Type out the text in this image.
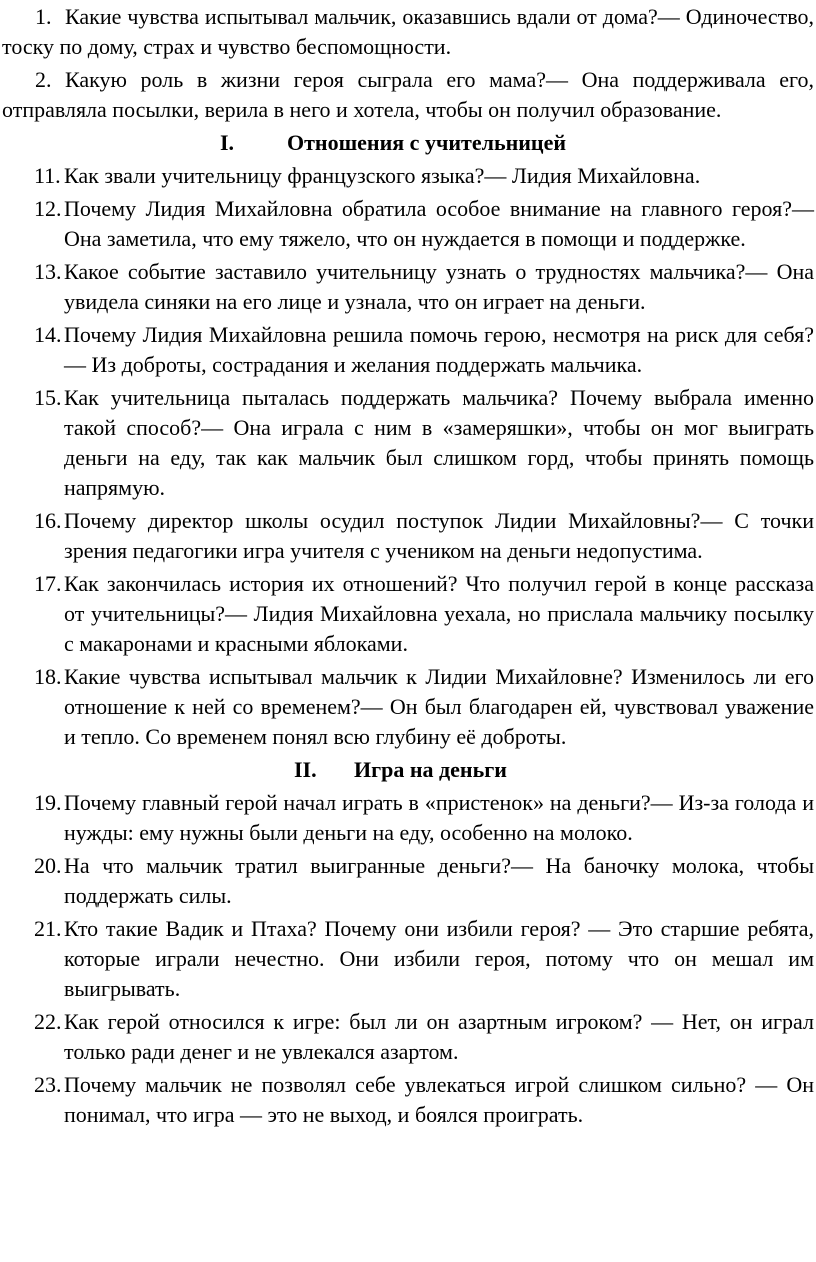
1. Какие чувства испытывал мальчик, оказавшись вдали от дома?— Одиночество, тоску по дому, страх и чувство беспомощности.
2. Какую роль в жизни героя сыграла его мама?— Она поддерживала его, отправляла посылки, верила в него и хотела, чтобы он получил образование.
I. Отношения с учительницей
11. Как звали учительницу французского языка?— Лидия Михайловна.
12. Почему Лидия Михайловна обратила особое внимание на главного героя?— Она заметила, что ему тяжело, что он нуждается в помощи и поддержке.
13. Какое событие заставило учительницу узнать о трудностях мальчика?— Она увидела синяки на его лице и узнала, что он играет на деньги.
14. Почему Лидия Михайловна решила помочь герою, несмотря на риск для себя?— Из доброты, сострадания и желания поддержать мальчика.
15. Как учительница пыталась поддержать мальчика? Почему выбрала именно такой способ?— Она играла с ним в «замеряшки», чтобы он мог выиграть деньги на еду, так как мальчик был слишком горд, чтобы принять помощь напрямую.
16. Почему директор школы осудил поступок Лидии Михайловны?— С точки зрения педагогики игра учителя с учеником на деньги недопустима.
17. Как закончилась история их отношений? Что получил герой в конце рассказа от учительницы?— Лидия Михайловна уехала, но прислала мальчику посылку с макаронами и красными яблоками.
18. Какие чувства испытывал мальчик к Лидии Михайловне? Изменилось ли его отношение к ней со временем?— Он был благодарен ей, чувствовал уважение и тепло. Со временем понял всю глубину её доброты.
II. Игра на деньги
19. Почему главный герой начал играть в «пристенок» на деньги?— Из-за голода и нужды: ему нужны были деньги на еду, особенно на молоко.
20. На что мальчик тратил выигранные деньги?— На баночку молока, чтобы поддержать силы.
21. Кто такие Вадик и Птаха? Почему они избили героя? — Это старшие ребята, которые играли нечестно. Они избили героя, потому что он мешал им выигрывать.
22. Как герой относился к игре: был ли он азартным игроком? — Нет, он играл только ради денег и не увлекался азартом.
23. Почему мальчик не позволял себе увлекаться игрой слишком сильно? — Он понимал, что игра — это не выход, и боялся проиграть.
